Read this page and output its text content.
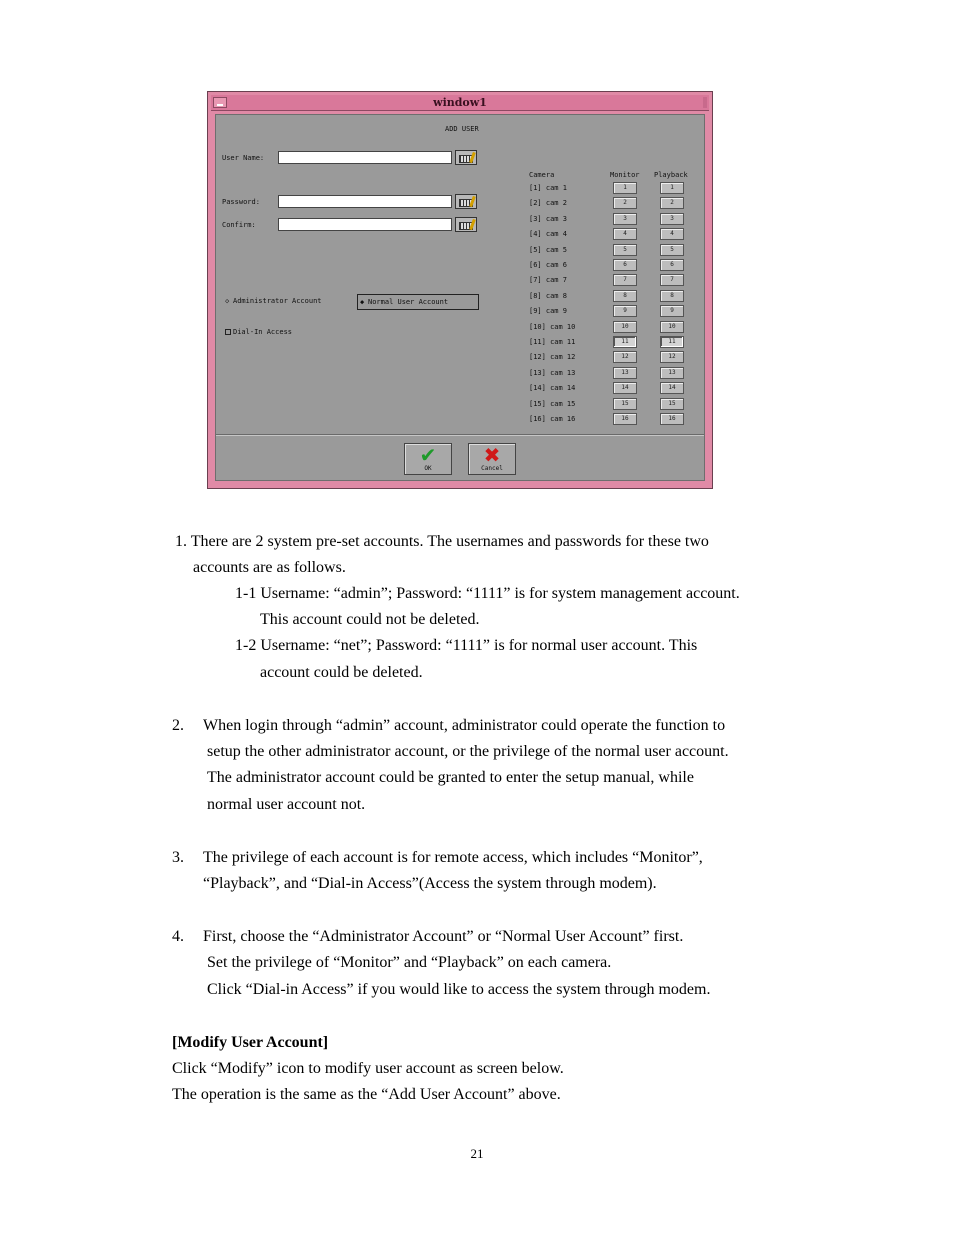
window1
ADD USER
User Name:
Password:
Confirm:
◇ Administrator Account	◆ Normal User Account
Dial-In Access
Camera	Monitor Playback
[1] cam 1	1	1
[2] cam 2	2	2
[3] cam 3	3	3
[4] cam 4	4	4
[5] cam 5	5	5
[6] cam 6	6	6
[7] cam 7	7	7
[8] cam 8	8	8
[9] cam 9	9	9
[10] cam 10	10	10
[11] cam 11	11	11
[12] cam 12	12	12
[13] cam 13	13	13
[14] cam 14	14	14
[15] cam 15	15	15
[16] cam 16	16	16
✔
OK
✖
Cancel
1. There are 2 system pre-set accounts. The usernames and passwords for these two
accounts are as follows.
1-1 Username: “admin”; Password: “1111” is for system management account.
This account could not be deleted.
1-2 Username: “net”; Password: “1111” is for normal user account. This
account could be deleted.
2. When login through “admin” account, administrator could operate the function to
setup the other administrator account, or the privilege of the normal user account.
The administrator account could be granted to enter the setup manual, while
normal user account not.
3. The privilege of each account is for remote access, which includes “Monitor”,
“Playback”, and “Dial-in Access”(Access the system through modem).
4. First, choose the “Administrator Account” or “Normal User Account” first.
Set the privilege of “Monitor” and “Playback” on each camera.
Click “Dial-in Access” if you would like to access the system through modem.
[Modify User Account]
Click “Modify” icon to modify user account as screen below.
The operation is the same as the “Add User Account” above.
21
